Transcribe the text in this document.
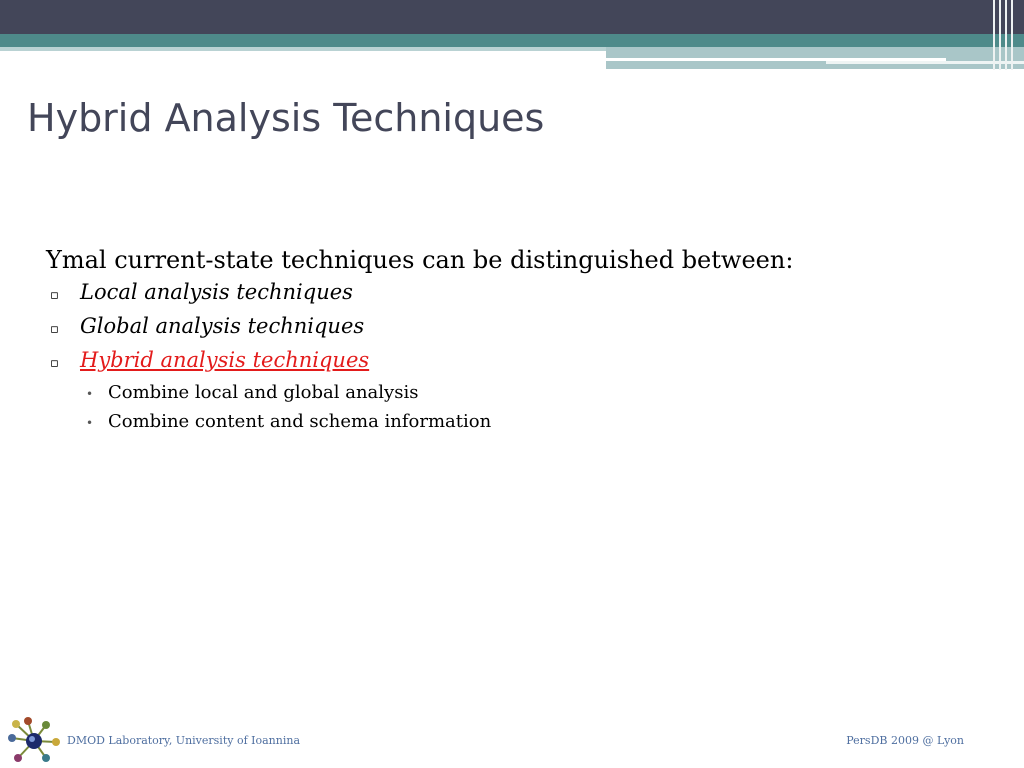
Hybrid Analysis Techniques

Ymal current-state techniques can be distinguished between:

▫	Local analysis techniques
▫	Global analysis techniques
▫	Hybrid analysis techniques
• Combine local and global analysis
• Combine content and schema information
DMOD Laboratory, University of Ioannina	PersDB 2009 @ Lyon
